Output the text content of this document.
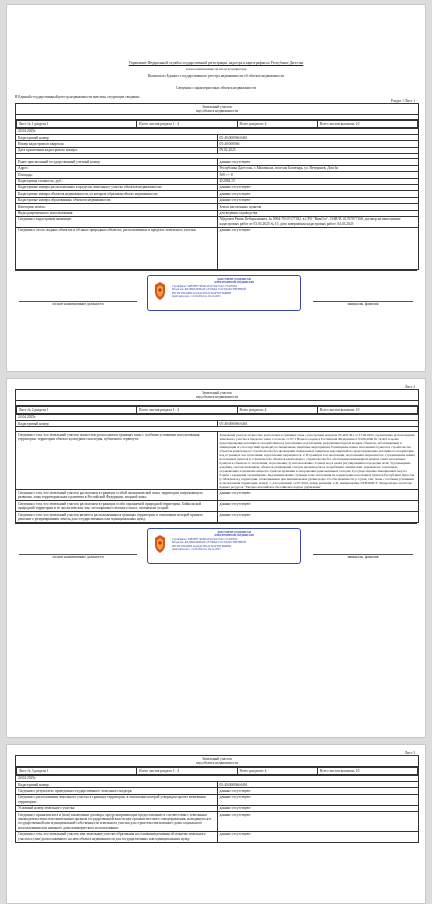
Управление Федеральной службы государственной регистрации, кадастра и картографии по Республике Дагестан
полное наименование органа регистрации прав
Выписка из Единого государственного реестра недвижимости об объекте недвижимости
Сведения о характеристиках объекта недвижимости
В Единый государственный реестр недвижимости внесены следующие сведения:
Раздел 1 Лист 1
Земельный участок
вид объекта недвижимости

Лист № 1 раздела 1	Всего листов раздела 1 : 4	Всего разделов: 4	Всего листов выписки: 10

24.04.2025г.
Кадастровый номер:	05:40:000066:6461
Номер кадастрового квартала:	05:40:000066
Дата присвоения кадастрового номера:	09.02.2025

Ранее присвоенный государственный учетный номер:	данные отсутствуют
Адрес:	Республика Дагестан, г. Махачкала, поселок Богатырь, ул. Ветеранов, Дом 6а
Площадь:	500 +/- 8
Кадастровая стоимость, руб.:	452084.15
Кадастровые номера расположенных в пределах земельного участка объектов недвижимости:	данные отсутствуют
Кадастровые номера объектов недвижимости, из которых образован объект недвижимости:	данные отсутствуют
Кадастровые номера образованных объектов недвижимости:	данные отсутствуют
Категория земель:	Земли населенных пунктов
Виды разрешенного использования:	для ведения садоводства
Сведения о кадастровом инженере:	Абдулаев Рамис Кебирханович, № 0964-7010?177182, в СРО "ВимГео", СНИЛС 01767877168, договор на выполнение кадастровых работ от 03.03.2025 № 15, дата завершения кадастровых работ: 04.03.2025
Сведения о лесах, водных объектах и об иных природных объектах, расположенных в пределах земельного участка:	данные отсутствуют
полное наименование должности	инициалы, фамилия
ДОКУМЕНТ ПОДПИСАН
ЭЛЕКТРОННОЙ ПОДПИСЬЮ
Сертификат: 00B50B770Е6EAF2479A75A1C57A85F04
Владелец: ФЕДЕРАЛЬНАЯ СЛУЖБА ГОСУДАРСТВЕННОЙ
РЕГИСТРАЦИИ, КАДАСТРА И КАРТОГРАФИИ
Действителен с 11.09.2024 по 04.12.2025
Лист 2
Земельный участок
вид объекта недвижимости

Лист № 2 раздела 1	Всего листов раздела 1 : 4	Всего разделов: 4	Всего листов выписки: 10

24.04.2025г.
Кадастровый номер:	05:40:000066:6461

Сведения о том, что земельный участок полностью расположен в границах зоны с особыми условиями использования территории, территории объекта культурного наследия, публичного сервитута:	Земельный участок полностью расположен в границах зоны с реестровым номером 05:40-6.361 от 27.09.2022, ограничение использования земельного участка в пределах зоны: Согласно ст. 67.1 Водного кодекса Российской Федерации от 03.06.2006 № 74-ФЗ, в целях предотвращения негативного воздействия вод (затопления, подтопления, разрушения берегов водных объектов, заболачивания) и ликвидации его последствий проводятся специальные защитные мероприятия. Размещение новых населенных пунктов и строительство объектов капитального строительства без проведения специальных защитных мероприятий по предотвращению негативного воздействия вод в границах зон затопления, подтопления запрещаются. 2. В границах зон затопления, подтопления запрещаются: 1) размещение новых населенных пунктов и строительство объектов капитального строительства без обеспечения инженерной защиты таких населенных пунктов и объектов от затопления, подтопления; 2) использование сточных вод в целях регулирования плодородия почв; 3) размещение кладбищ, скотомогильников, объектов размещения отходов производства и потребления, химических, взрывчатых, токсичных, отравляющих и ядовитых веществ, пунктов хранения и захоронения радиоактивных отходов; 4) осуществление авиационных мер по борьбе с вредными организмами., вид/наименование: Граница зоны затопления на территориях населенных пунктов Республики Дагестан (г. Махачкала), территории, затапливаемые при максимальном уровне воды 1% обеспеченности р. Сулак, тип: Зоны с особыми условиями использования территории, номер: 1, дата решения: 12.07.2022, номер решения: 2-П, наименование ОГВ/ОМСУ: Федеральное агентство водных ресурсов "Западно-Каспийское бассейновое водное управление"
Сведения о том, что земельный участок расположен в границах особой экономической зоны, территории опережающего развития, зоны территориального развития в Российской Федерации, игорной зоны:	данные отсутствуют
Сведения о том, что земельный участок расположен в границах особо охраняемой природной территории, Байкальской природной территории и ее экологических зон, лесопаркового зеленого пояса, охотничьих угодий:	данные отсутствуют
Сведения о том, что земельный участок является расположенным в границах территории, в отношении которой принято решение о резервировании земель для государственных или муниципальных нужд:	данные отсутствуют
полное наименование должности	инициалы, фамилия
ДОКУМЕНТ ПОДПИСАН
ЭЛЕКТРОННОЙ ПОДПИСЬЮ
Сертификат: 00B50B770Е6EAF2479A75A1C57A85F04
Владелец: ФЕДЕРАЛЬНАЯ СЛУЖБА ГОСУДАРСТВЕННОЙ
РЕГИСТРАЦИИ, КАДАСТРА И КАРТОГРАФИИ
Действителен с 11.09.2024 по 04.12.2025
Лист 3
Земельный участок
вид объекта недвижимости

Лист № 3 раздела 1	Всего листов раздела 1 : 4	Всего разделов: 4	Всего листов выписки: 10

24.04.2025г.
Кадастровый номер:	05:40:000066:6461
Сведения о результатах проведения государственного земельного надзора:	данные отсутствуют
Сведения о расположении земельного участка в границах территории, в отношении которой утвержден проект межевания территории:	данные отсутствуют
Условный номер земельного участка:	данные отсутствуют
Сведения о принятии акта и (или) заключении договора, предусматривающих предоставление в соответствии с земельным законодательством исполнительным органом государственной власти или органом местного самоуправления, находящегося в государственной или муниципальной собственности земельного участка для строительства наемного дома социального использования или наемного дома коммерческого использования:	данные отсутствуют
Сведения о том, что земельный участок или земельные участки образованы на основании решения об изъятии земельного участка и (или) расположенного на нем объекта недвижимости для государственных или муниципальных нужд:	данные отсутствуют
